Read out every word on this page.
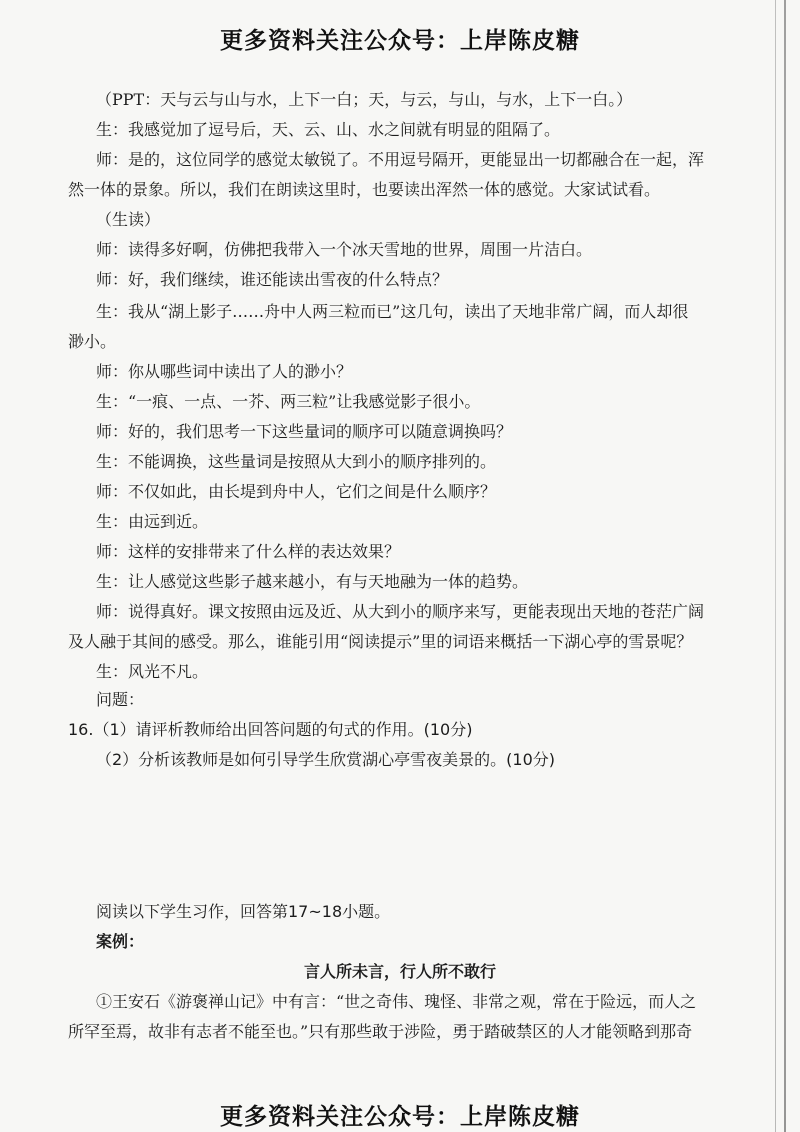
更多资料关注公众号：上岸陈皮糖
（PPT：天与云与山与水，上下一白；天，与云，与山，与水，上下一白。）
生：我感觉加了逗号后，天、云、山、水之间就有明显的阻隔了。
师：是的，这位同学的感觉太敏锐了。不用逗号隔开，更能显出一切都融合在一起，浑
然一体的景象。所以，我们在朗读这里时，也要读出浑然一体的感觉。大家试试看。
（生读）
师：读得多好啊，仿佛把我带入一个冰天雪地的世界，周围一片洁白。
师：好，我们继续，谁还能读出雪夜的什么特点？
生：我从“湖上影子……舟中人两三粒而已”这几句，读出了天地非常广阔，而人却很
渺小。
师：你从哪些词中读出了人的渺小？
生：“一痕、一点、一芥、两三粒”让我感觉影子很小。
师：好的，我们思考一下这些量词的顺序可以随意调换吗？
生：不能调换，这些量词是按照从大到小的顺序排列的。
师：不仅如此，由长堤到舟中人，它们之间是什么顺序？
生：由远到近。
师：这样的安排带来了什么样的表达效果？
生：让人感觉这些影子越来越小，有与天地融为一体的趋势。
师：说得真好。课文按照由远及近、从大到小的顺序来写，更能表现出天地的苍茫广阔
及人融于其间的感受。那么，谁能引用“阅读提示”里的词语来概括一下湖心亭的雪景呢？
生：风光不凡。
问题：
16.（1）请评析教师给出回答问题的句式的作用。(10分)
（2）分析该教师是如何引导学生欣赏湖心亭雪夜美景的。(10分)
阅读以下学生习作，回答第17~18小题。
案例：
言人所未言，行人所不敢行
①王安石《游褒禅山记》中有言：“世之奇伟、瑰怪、非常之观，常在于险远，而人之
所罕至焉，故非有志者不能至也。”只有那些敢于涉险，勇于踏破禁区的人才能领略到那奇
更多资料关注公众号：上岸陈皮糖
